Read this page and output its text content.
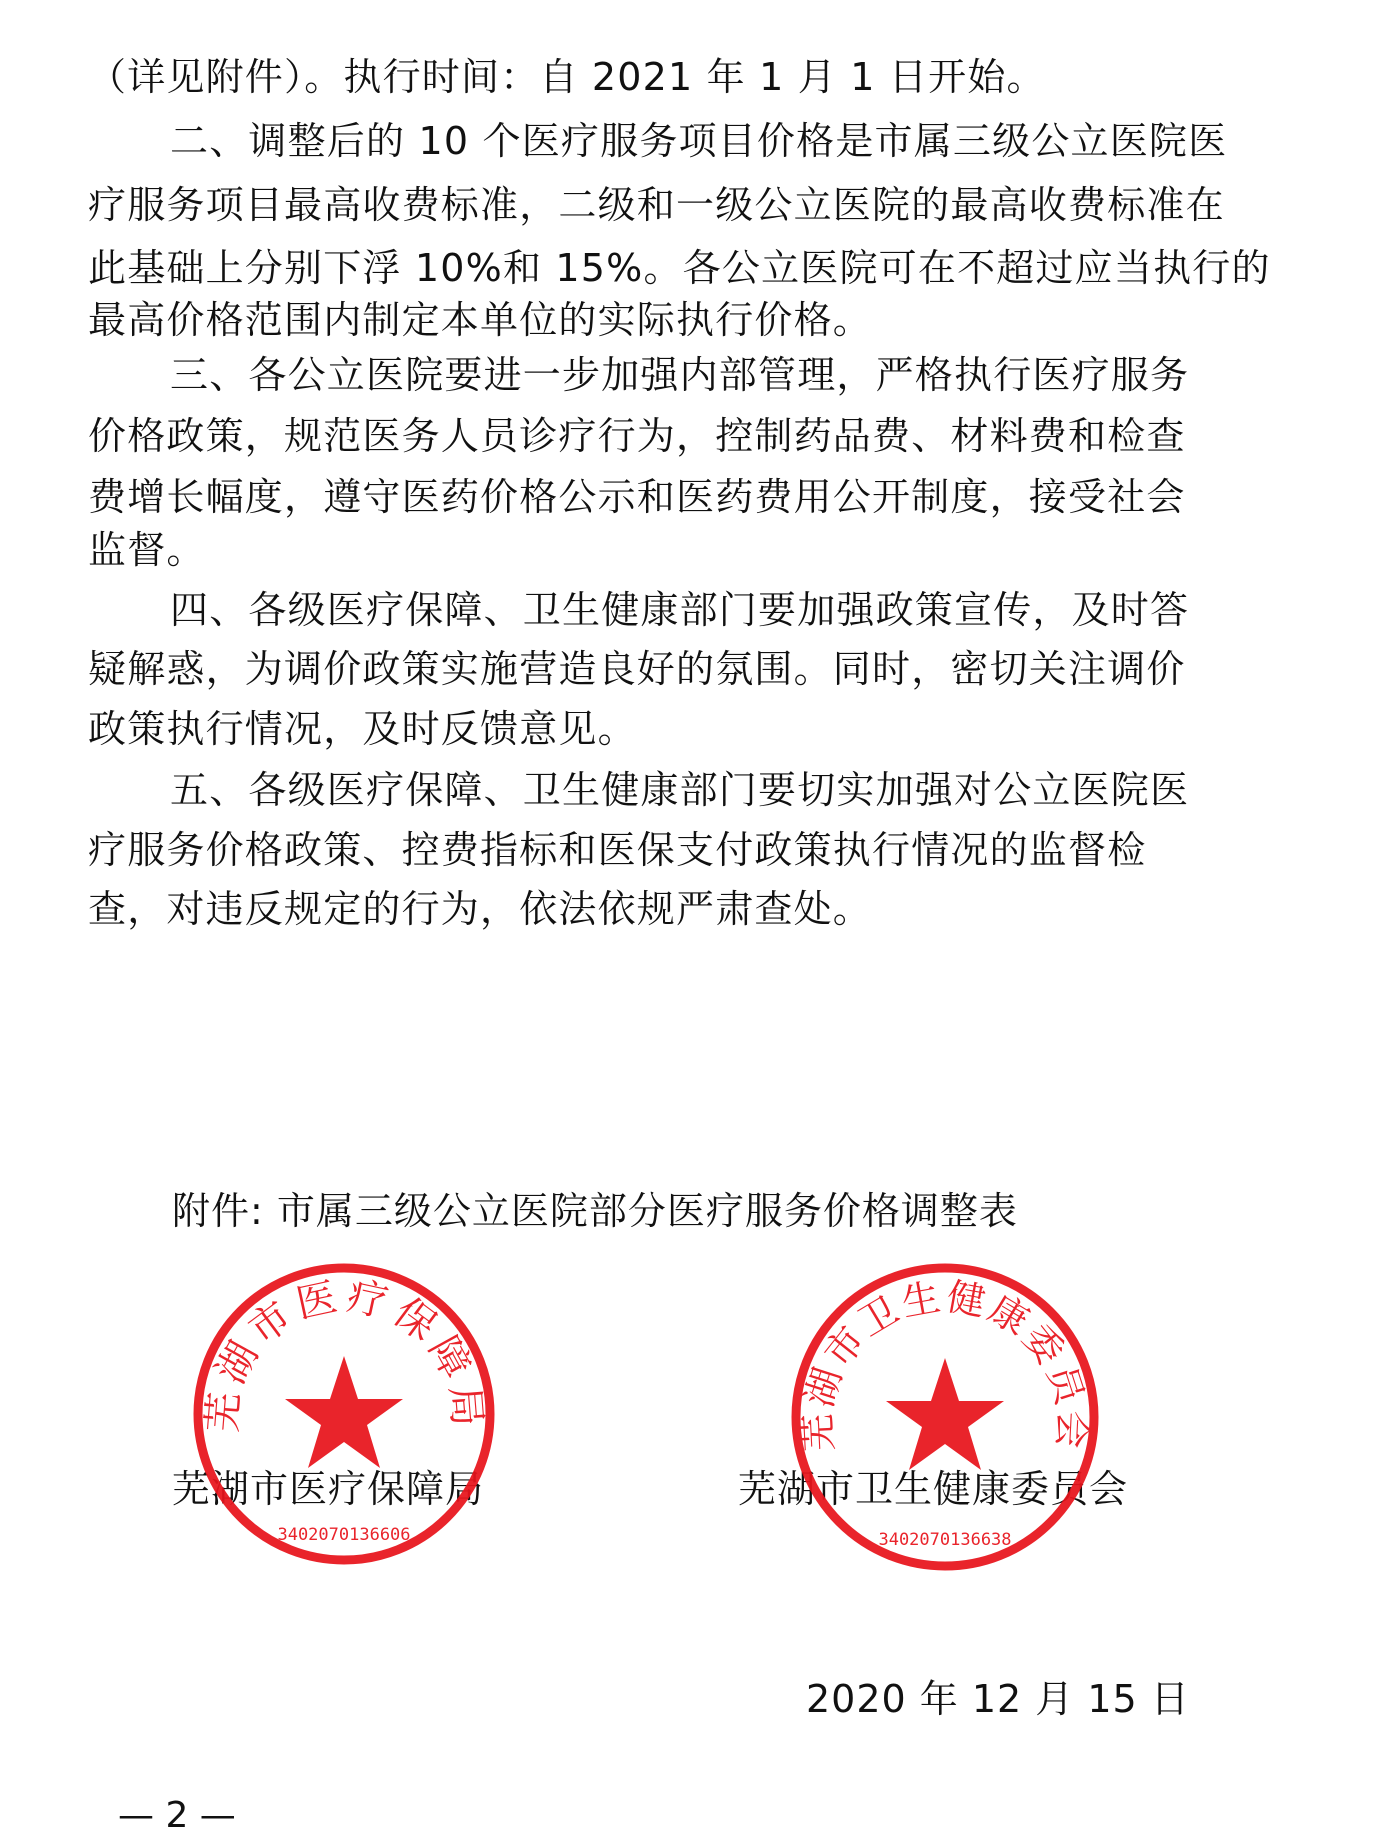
（详见附件）。执行时间：自 2021 年 1 月 1 日开始。
二、调整后的 10 个医疗服务项目价格是市属三级公立医院医
疗服务项目最高收费标准，二级和一级公立医院的最高收费标准在
此基础上分别下浮 10%和 15%。各公立医院可在不超过应当执行的
最高价格范围内制定本单位的实际执行价格。
三、各公立医院要进一步加强内部管理，严格执行医疗服务
价格政策，规范医务人员诊疗行为，控制药品费、材料费和检查
费增长幅度，遵守医药价格公示和医药费用公开制度，接受社会
监督。
四、各级医疗保障、卫生健康部门要加强政策宣传，及时答
疑解惑，为调价政策实施营造良好的氛围。同时，密切关注调价
政策执行情况，及时反馈意见。
五、各级医疗保障、卫生健康部门要切实加强对公立医院医
疗服务价格政策、控费指标和医保支付政策执行情况的监督检
查，对违反规定的行为，依法依规严肃查处。
附件: 市属三级公立医院部分医疗服务价格调整表
芜湖市医疗保障局
3402070136606
芜湖市卫生健康委员会
3402070136638
芜湖市医疗保障局	芜湖市卫生健康委员会
2020 年 12 月 15 日
— 2 —
